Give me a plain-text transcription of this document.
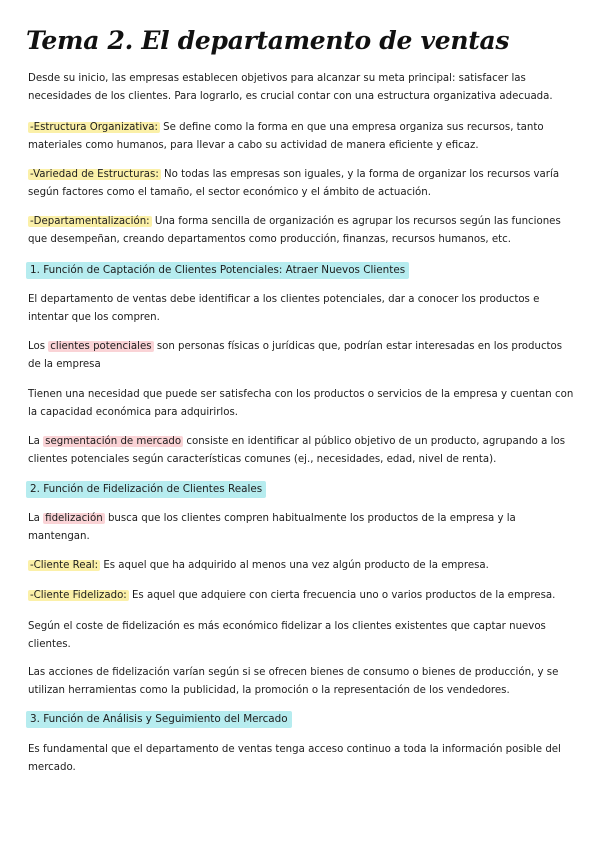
Tema 2. El departamento de ventas

Desde su inicio, las empresas establecen objetivos para alcanzar su meta principal: satisfacer las necesidades de los clientes. Para lograrlo, es crucial contar con una estructura organizativa adecuada.

-Estructura Organizativa: Se define como la forma en que una empresa organiza sus recursos, tanto materiales como humanos, para llevar a cabo su actividad de manera eficiente y eficaz.

-Variedad de Estructuras: No todas las empresas son iguales, y la forma de organizar los recursos varía según factores como el tamaño, el sector económico y el ámbito de actuación.

-Departamentalización: Una forma sencilla de organización es agrupar los recursos según las funciones que desempeñan, creando departamentos como producción, finanzas, recursos humanos, etc.

1. Función de Captación de Clientes Potenciales: Atraer Nuevos Clientes

El departamento de ventas debe identificar a los clientes potenciales, dar a conocer los productos e intentar que los compren.

Los clientes potenciales son personas físicas o jurídicas que, podrían estar interesadas en los productos de la empresa

Tienen una necesidad que puede ser satisfecha con los productos o servicios de la empresa y cuentan con la capacidad económica para adquirirlos.

La segmentación de mercado consiste en identificar al público objetivo de un producto, agrupando a los clientes potenciales según características comunes (ej., necesidades, edad, nivel de renta).

2. Función de Fidelización de Clientes Reales

La fidelización busca que los clientes compren habitualmente los productos de la empresa y la mantengan.

-Cliente Real: Es aquel que ha adquirido al menos una vez algún producto de la empresa.

-Cliente Fidelizado: Es aquel que adquiere con cierta frecuencia uno o varios productos de la empresa.

Según el coste de fidelización es más económico fidelizar a los clientes existentes que captar nuevos clientes.

Las acciones de fidelización varían según si se ofrecen bienes de consumo o bienes de producción, y se utilizan herramientas como la publicidad, la promoción o la representación de los vendedores.

3. Función de Análisis y Seguimiento del Mercado

Es fundamental que el departamento de ventas tenga acceso continuo a toda la información posible del mercado.
